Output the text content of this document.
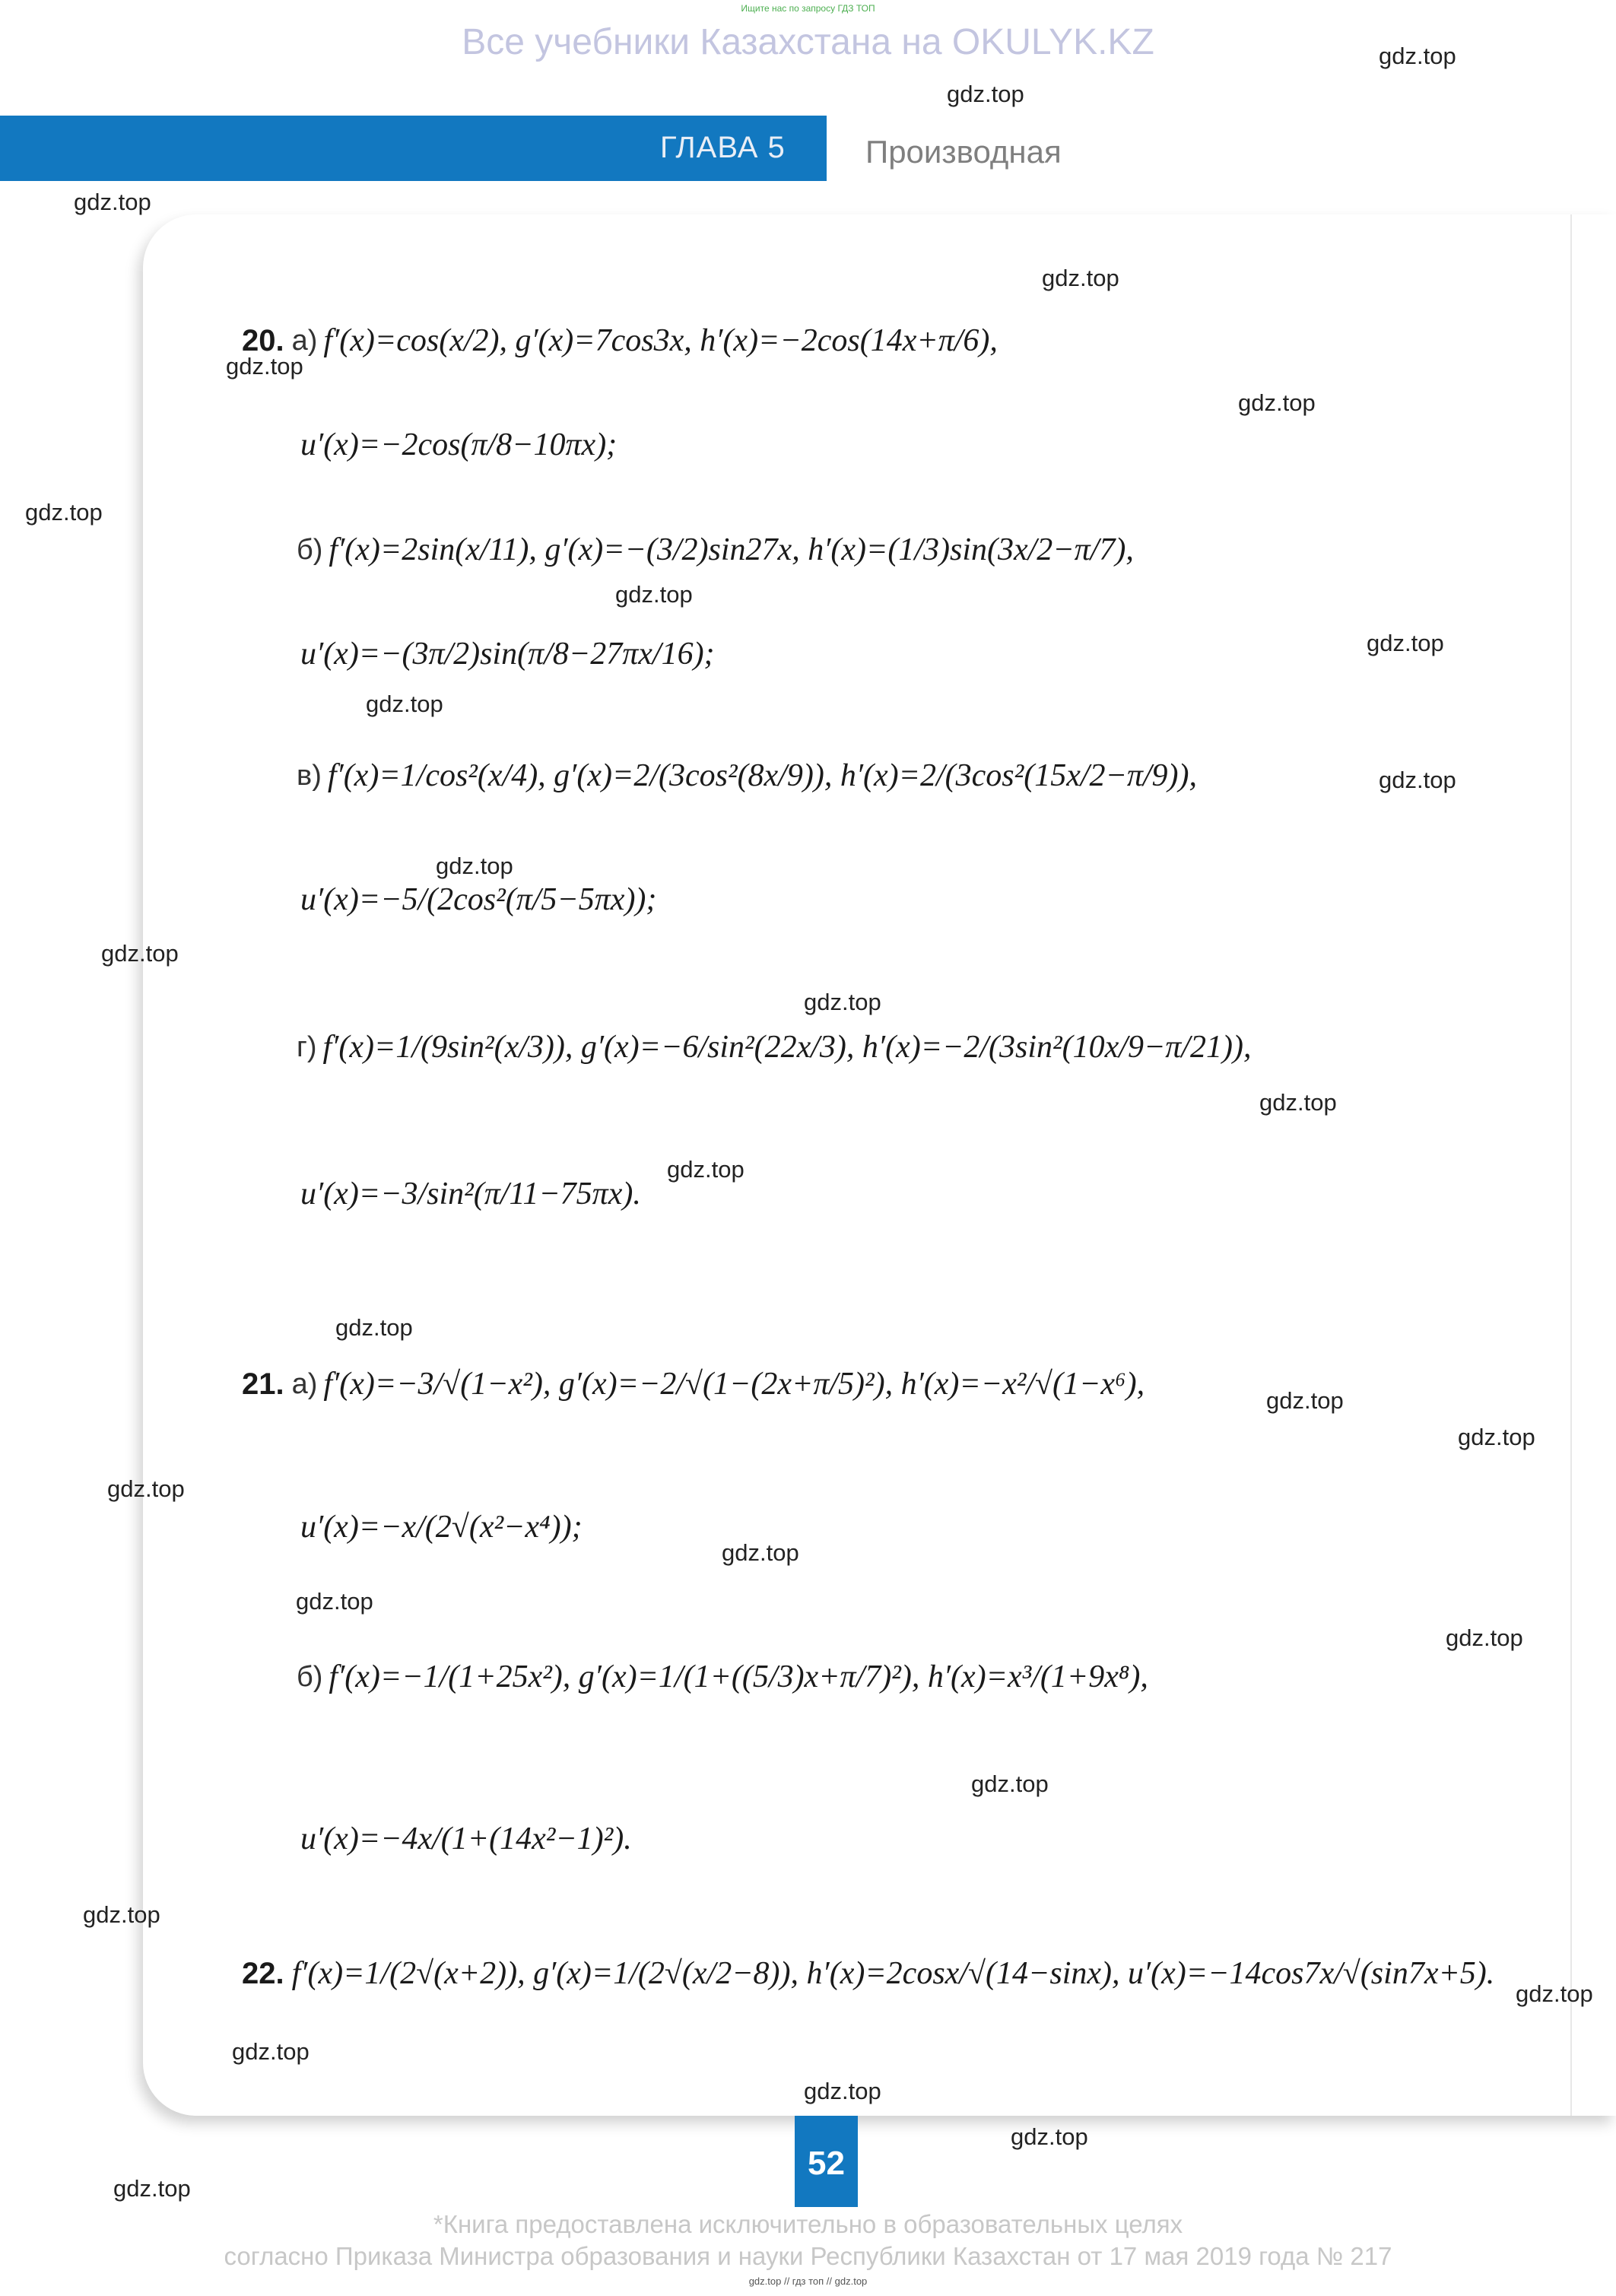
Ищите нас по запросу ГДЗ ТОП
Все учебники Казахстана на OKULYK.KZ
ГЛАВА 5	Производная
20. а) f′(x)=cos(x/2), g′(x)=7cos3x, h′(x)=−2cos(14x+π/6),
u′(x)=−2cos(π/8−10πx);
б) f′(x)=2sin(x/11), g′(x)=−(3/2)sin27x, h′(x)=(1/3)sin(3x/2−π/7),
u′(x)=−(3π/2)sin(π/8−27πx/16);
в) f′(x)=1/cos²(x/4), g′(x)=2/(3cos²(8x/9)), h′(x)=2/(3cos²(15x/2−π/9)),
u′(x)=−5/(2cos²(π/5−5πx));
г) f′(x)=1/(9sin²(x/3)), g′(x)=−6/sin²(22x/3), h′(x)=−2/(3sin²(10x/9−π/21)),
u′(x)=−3/sin²(π/11−75πx).
21. а) f′(x)=−3/√(1−x²), g′(x)=−2/√(1−(2x+π/5)²), h′(x)=−x²/√(1−x⁶),
u′(x)=−x/(2√(x²−x⁴));
б) f′(x)=−1/(1+25x²), g′(x)=1/(1+((5/3)x+π/7)²), h′(x)=x³/(1+9x⁸),
u′(x)=−4x/(1+(14x²−1)²).
22. f′(x)=1/(2√(x+2)), g′(x)=1/(2√(x/2−8)), h′(x)=2cosx/√(14−sinx), u′(x)=−14cos7x/√(sin7x+5).
gdz.top
gdz.top
gdz.top
gdz.top
gdz.top
gdz.top
gdz.top
gdz.top
gdz.top
gdz.top
gdz.top
gdz.top
gdz.top
gdz.top
gdz.top
gdz.top
gdz.top
gdz.top
gdz.top
gdz.top
gdz.top
gdz.top
gdz.top
gdz.top
gdz.top
gdz.top
gdz.top
gdz.top
gdz.top
gdz.top
52
*Книга предоставлена исключительно в образовательных целях
согласно Приказа Министра образования и науки Республики Казахстан от 17 мая 2019 года № 217
gdz.top // гдз топ // gdz.top
